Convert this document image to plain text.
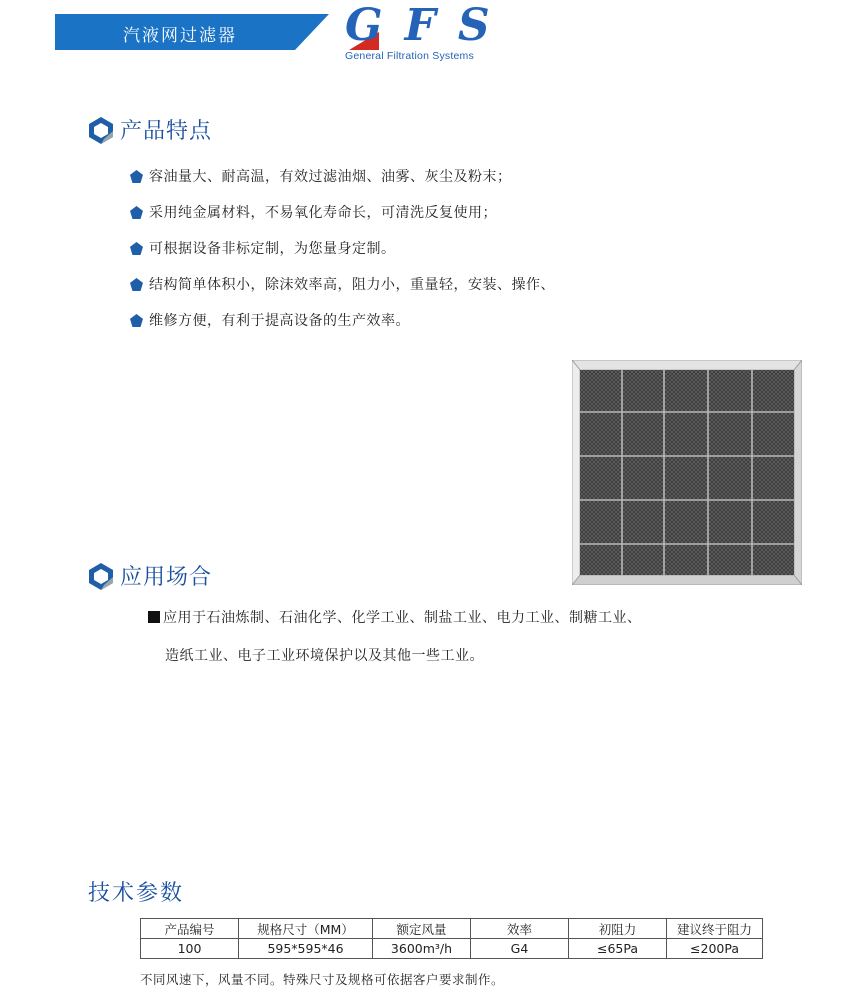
汽液网过滤器 GFS
General Filtration Systems
产品特点
容油量大、耐高温，有效过滤油烟、油雾、灰尘及粉末；
采用纯金属材料，不易氧化寿命长，可清洗反复使用；
可根据设备非标定制，为您量身定制。
结构简单体积小，除沫效率高，阻力小，重量轻，安装、操作、
维修方便，有利于提高设备的生产效率。
应用场合
应用于石油炼制、石油化学、化学工业、制盐工业、电力工业、制糖工业、
造纸工业、电子工业环境保护以及其他一些工业。
技术参数
产品编号	规格尺寸（MM）	额定风量	效率	初阻力	建议终于阻力
100	595*595*46	3600m³/h	G4	≤65Pa	≤200Pa
不同风速下，风量不同。特殊尺寸及规格可依据客户要求制作。
